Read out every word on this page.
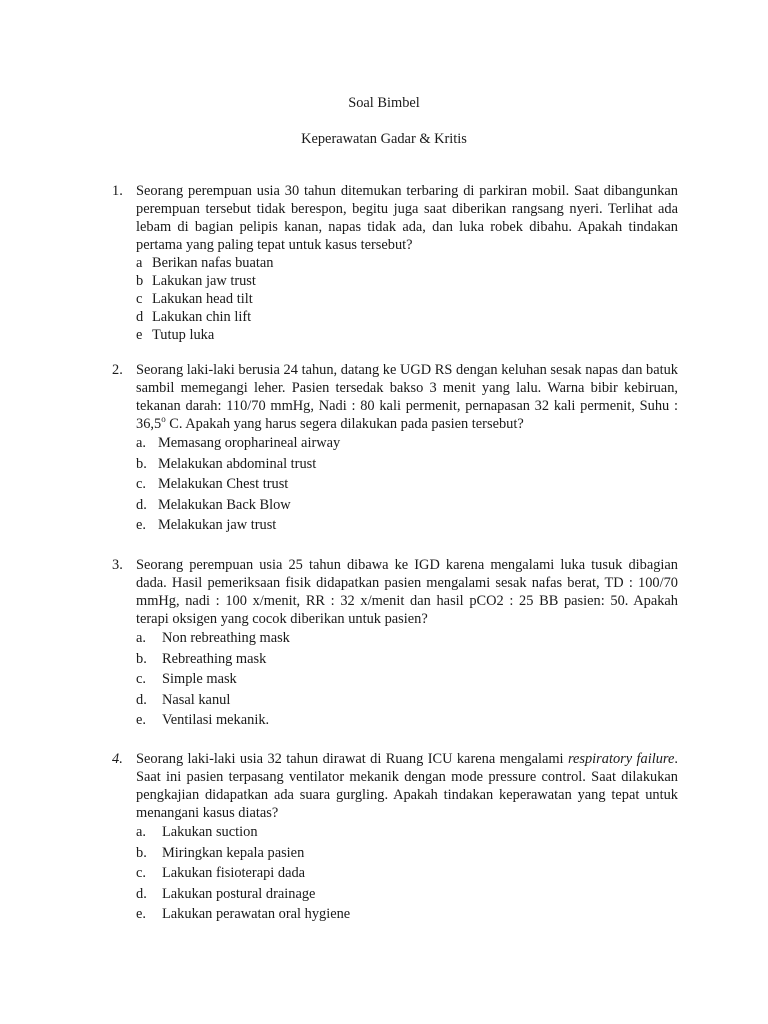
Soal Bimbel
Keperawatan Gadar & Kritis
1. Seorang perempuan usia 30 tahun ditemukan terbaring di parkiran mobil. Saat dibangunkan perempuan tersebut tidak berespon, begitu juga saat diberikan rangsang nyeri. Terlihat ada lebam di bagian pelipis kanan, napas tidak ada, dan luka robek dibahu. Apakah tindakan pertama yang paling tepat untuk kasus tersebut?
a Berikan nafas buatan
b Lakukan jaw trust
c Lakukan head tilt
d Lakukan chin lift
e Tutup luka
2. Seorang laki-laki berusia 24 tahun, datang ke UGD RS dengan keluhan sesak napas dan batuk sambil memegangi leher. Pasien tersedak bakso 3 menit yang lalu. Warna bibir kebiruan, tekanan darah: 110/70 mmHg, Nadi : 80 kali permenit, pernapasan 32 kali permenit, Suhu : 36,5$^o$ C. Apakah yang harus segera dilakukan pada pasien tersebut?
a. Memasang oropharineal airway
b. Melakukan abdominal trust
c. Melakukan Chest trust
d. Melakukan Back Blow
e. Melakukan jaw trust
3. Seorang perempuan usia 25 tahun dibawa ke IGD karena mengalami luka tusuk dibagian dada. Hasil pemeriksaan fisik didapatkan pasien mengalami sesak nafas berat, TD : 100/70 mmHg, nadi : 100 x/menit, RR : 32 x/menit dan hasil pCO2 : 25 BB pasien: 50. Apakah terapi oksigen yang cocok diberikan untuk pasien?
a. Non rebreathing mask
b. Rebreathing mask
c. Simple mask
d. Nasal kanul
e. Ventilasi mekanik.
4. Seorang laki-laki usia 32 tahun dirawat di Ruang ICU karena mengalami respiratory failure. Saat ini pasien terpasang ventilator mekanik dengan mode pressure control. Saat dilakukan pengkajian didapatkan ada suara gurgling. Apakah tindakan keperawatan yang tepat untuk menangani kasus diatas?
a. Lakukan suction
b. Miringkan kepala pasien
c. Lakukan fisioterapi dada
d. Lakukan postural drainage
e. Lakukan perawatan oral hygiene
